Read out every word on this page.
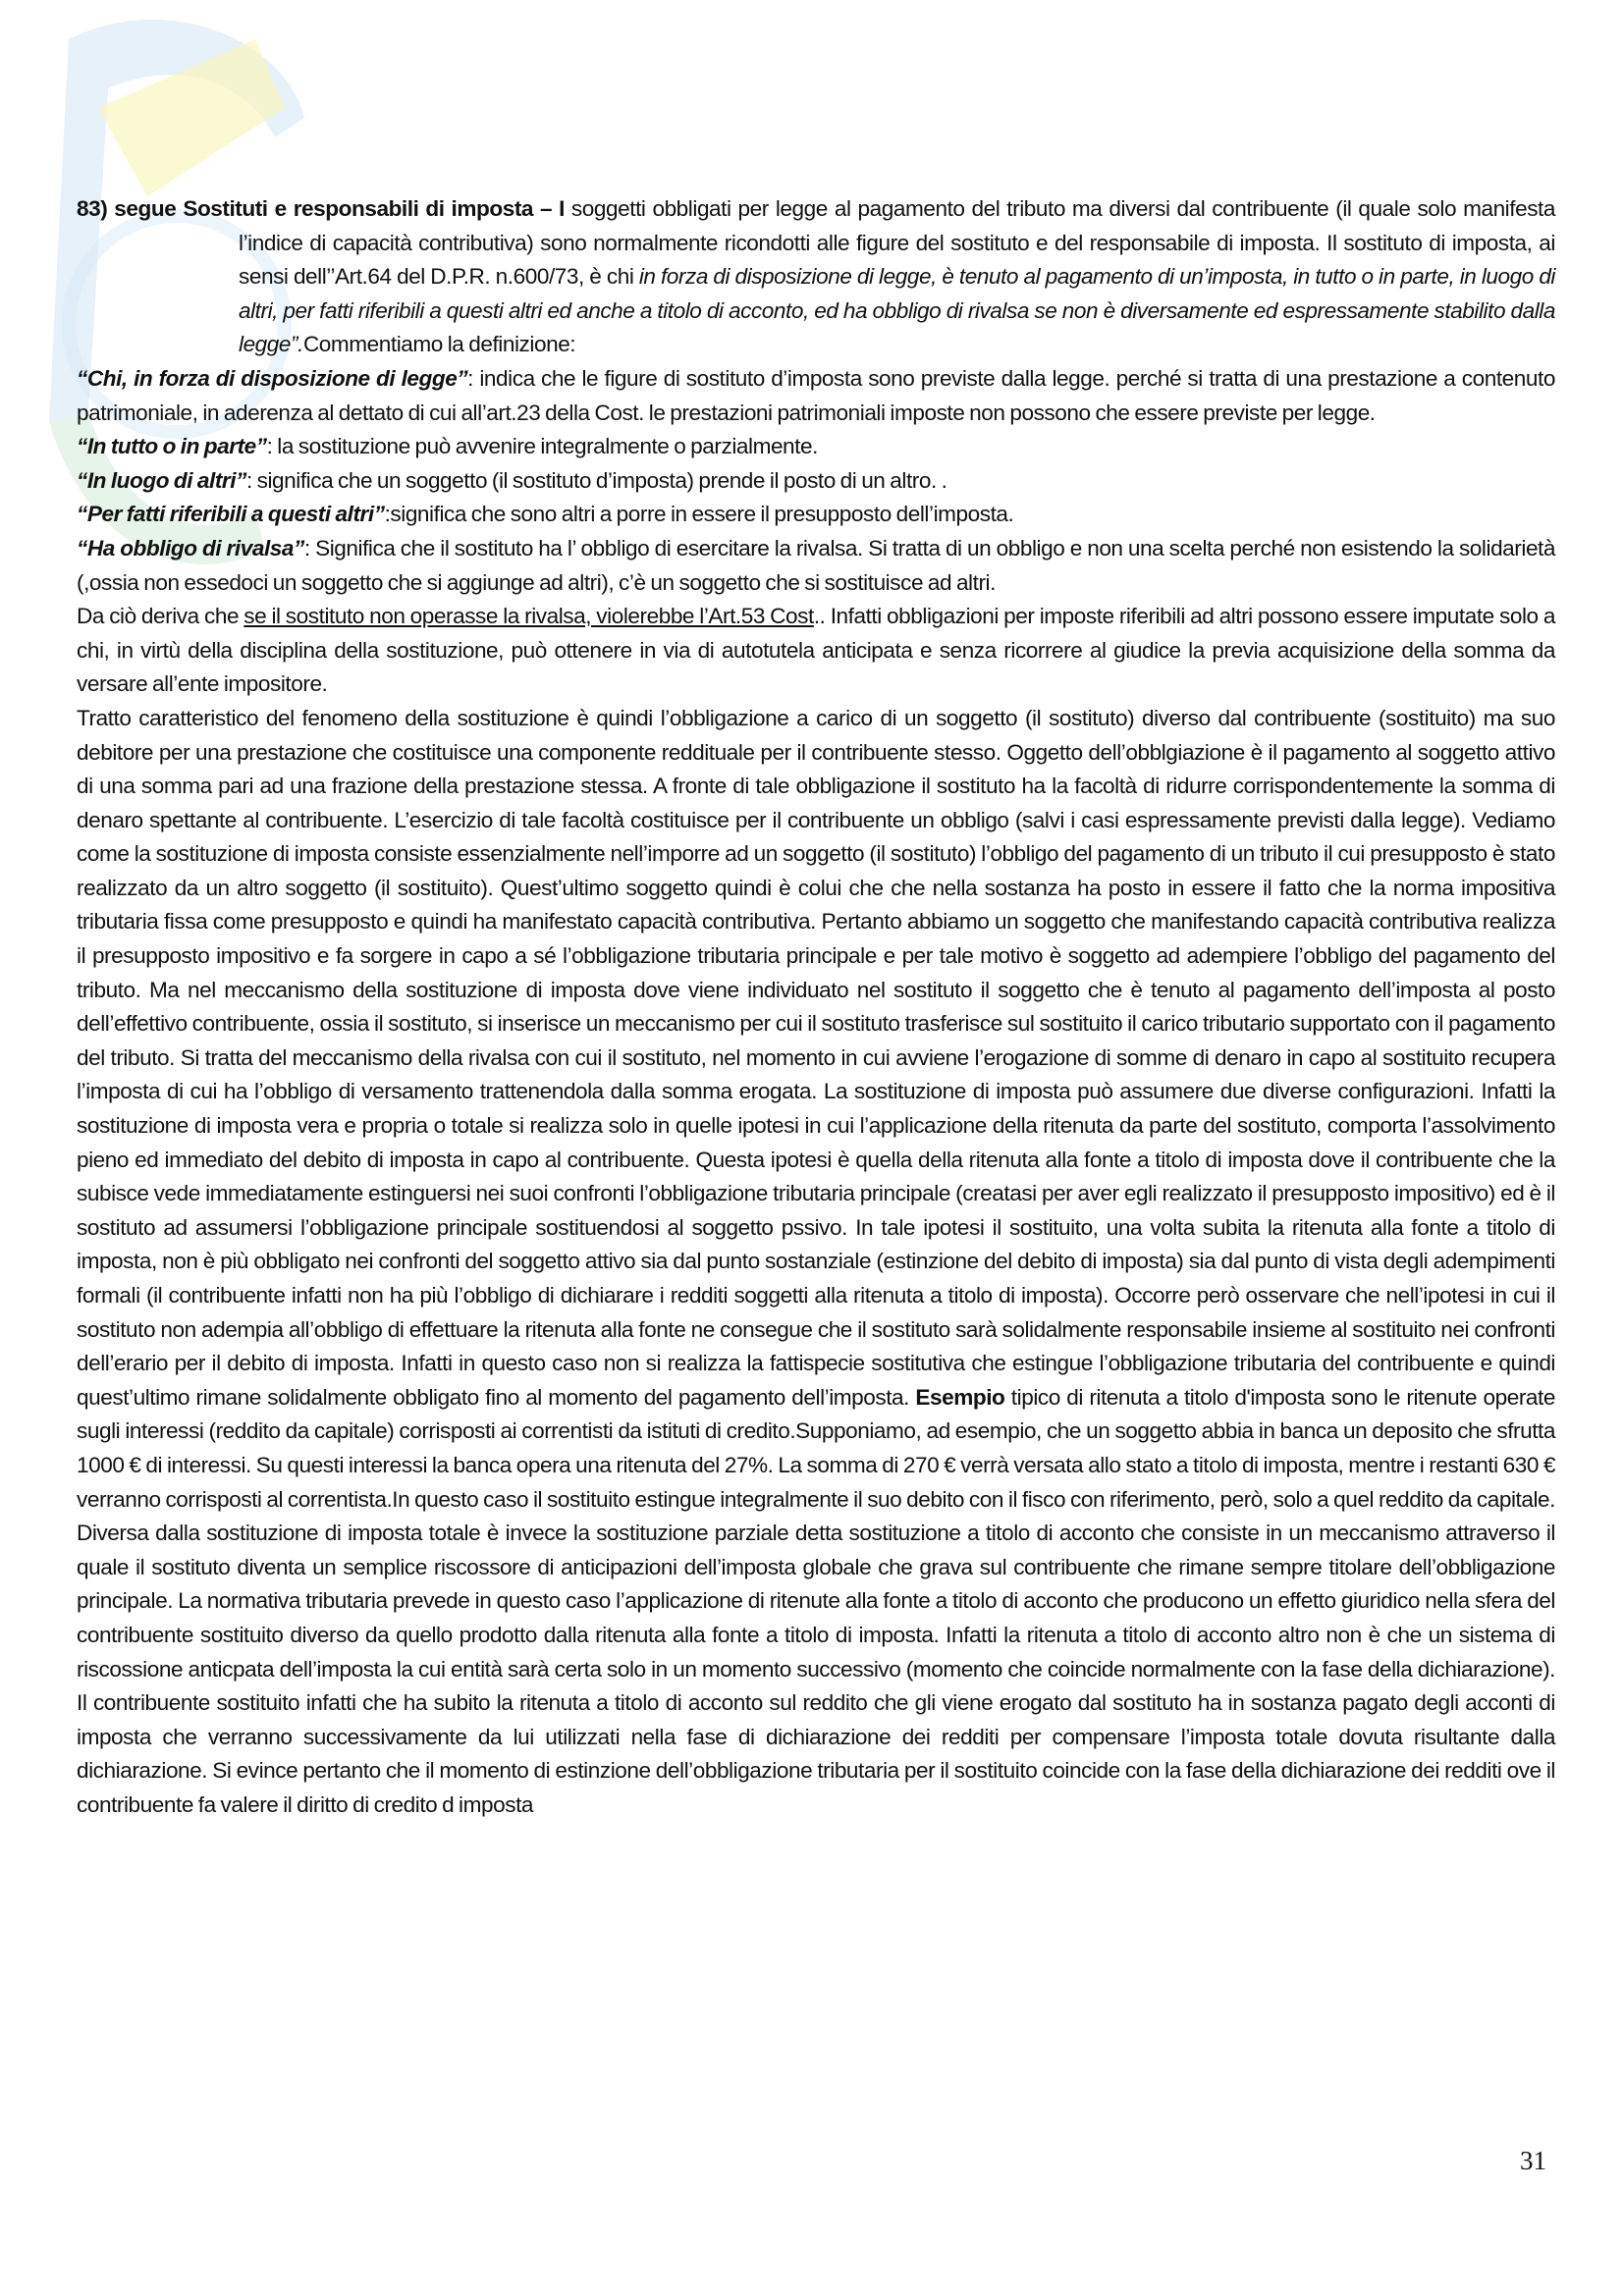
83) segue Sostituti e responsabili di imposta – I soggetti obbligati per legge al pagamento del tributo ma diversi dal contribuente (il quale solo manifesta l’indice di capacità contributiva) sono normalmente ricondotti alle figure del sostituto e del responsabile di imposta. Il sostituto di imposta, ai sensi dell’’Art.64 del D.P.R. n.600/73, è chi in forza di disposizione di legge, è tenuto al pagamento di un’imposta, in tutto o in parte, in luogo di altri, per fatti riferibili a questi altri ed anche a titolo di acconto, ed ha obbligo di rivalsa se non è diversamente ed espressamente stabilito dalla legge”.Commentiamo la definizione:

“Chi, in forza di disposizione di legge”: indica che le figure di sostituto d’imposta sono previste dalla legge. perché si tratta di una prestazione a contenuto patrimoniale, in aderenza al dettato di cui all’art.23 della Cost. le prestazioni patrimoniali imposte non possono che essere previste per legge.

“In tutto o in parte”: la sostituzione può avvenire integralmente o parzialmente.

“In luogo di altri”: significa che un soggetto (il sostituto d’imposta) prende il posto di un altro. .

“Per fatti riferibili a questi altri”:significa che sono altri a porre in essere il presupposto dell’imposta.

“Ha obbligo di rivalsa”: Significa che il sostituto ha l’ obbligo di esercitare la rivalsa. Si tratta di un obbligo e non una scelta perché non esistendo la solidarietà (,ossia non essedoci un soggetto che si aggiunge ad altri), c’è un soggetto che si sostituisce ad altri.

Da ciò deriva che se il sostituto non operasse la rivalsa, violerebbe l’Art.53 Cost.. Infatti obbligazioni per imposte riferibili ad altri possono essere imputate solo a chi, in virtù della disciplina della sostituzione, può ottenere in via di autotutela anticipata e senza ricorrere al giudice la previa acquisizione della somma da versare all’ente impositore.

Tratto caratteristico del fenomeno della sostituzione è quindi l’obbligazione a carico di un soggetto (il sostituto) diverso dal contribuente (sostituito) ma suo debitore per una prestazione che costituisce una componente reddituale per il contribuente stesso. Oggetto dell’obblgiazione è il pagamento al soggetto attivo di una somma pari ad una frazione della prestazione stessa. A fronte di tale obbligazione il sostituto ha la facoltà di ridurre corrispondentemente la somma di denaro spettante al contribuente. L’esercizio di tale facoltà costituisce per il contribuente un obbligo (salvi i casi espressamente previsti dalla legge). Vediamo come la sostituzione di imposta consiste essenzialmente nell’imporre ad un soggetto (il sostituto) l’obbligo del pagamento di un tributo il cui presupposto è stato realizzato da un altro soggetto (il sostituito). Quest’ultimo soggetto quindi è colui che che nella sostanza ha posto in essere il fatto che la norma impositiva tributaria fissa come presupposto e quindi ha manifestato capacità contributiva. Pertanto abbiamo un soggetto che manifestando capacità contributiva realizza il presupposto impositivo e fa sorgere in capo a sé l’obbligazione tributaria principale e per tale motivo è soggetto ad adempiere l’obbligo del pagamento del tributo. Ma nel meccanismo della sostituzione di imposta dove viene individuato nel sostituto il soggetto che è tenuto al pagamento dell’imposta al posto dell’effettivo contribuente, ossia il sostituto, si inserisce un meccanismo per cui il sostituto trasferisce sul sostituito il carico tributario supportato con il pagamento del tributo. Si tratta del meccanismo della rivalsa con cui il sostituto, nel momento in cui avviene l’erogazione di somme di denaro in capo al sostituito recupera l’imposta di cui ha l’obbligo di versamento trattenendola dalla somma erogata. La sostituzione di imposta può assumere due diverse configurazioni. Infatti la sostituzione di imposta vera e propria o totale si realizza solo in quelle ipotesi in cui l’applicazione della ritenuta da parte del sostituto, comporta l’assolvimento pieno ed immediato del debito di imposta in capo al contribuente. Questa ipotesi è quella della ritenuta alla fonte a titolo di imposta dove il contribuente che la subisce vede immediatamente estinguersi nei suoi confronti l’obbligazione tributaria principale (creatasi per aver egli realizzato il presupposto impositivo) ed è il sostituto ad assumersi l’obbligazione principale sostituendosi al soggetto pssivo. In tale ipotesi il sostituito, una volta subita la ritenuta alla fonte a titolo di imposta, non è più obbligato nei confronti del soggetto attivo sia dal punto sostanziale (estinzione del debito di imposta) sia dal punto di vista degli adempimenti formali (il contribuente infatti non ha più l’obbligo di dichiarare i redditi soggetti alla ritenuta a titolo di imposta). Occorre però osservare che nell’ipotesi in cui il sostituto non adempia all’obbligo di effettuare la ritenuta alla fonte ne consegue che il sostituto sarà solidalmente responsabile insieme al sostituito nei confronti dell’erario per il debito di imposta. Infatti in questo caso non si realizza la fattispecie sostitutiva che estingue l’obbligazione tributaria del contribuente e quindi quest’ultimo rimane solidalmente obbligato fino al momento del pagamento dell’imposta. Esempio tipico di ritenuta a titolo d'imposta sono le ritenute operate sugli interessi (reddito da capitale) corrisposti ai correntisti da istituti di credito.Supponiamo, ad esempio, che un soggetto abbia in banca un deposito che sfrutta 1000 € di interessi. Su questi interessi la banca opera una ritenuta del 27%. La somma di 270 € verrà versata allo stato a titolo di imposta, mentre i restanti 630 € verranno corrisposti al correntista.In questo caso il sostituito estingue integralmente il suo debito con il fisco con riferimento, però, solo a quel reddito da capitale. Diversa dalla sostituzione di imposta totale è invece la sostituzione parziale detta sostituzione a titolo di acconto che consiste in un meccanismo attraverso il quale il sostituto diventa un semplice riscossore di anticipazioni dell’imposta globale che grava sul contribuente che rimane sempre titolare dell’obbligazione principale. La normativa tributaria prevede in questo caso l’applicazione di ritenute alla fonte a titolo di acconto che producono un effetto giuridico nella sfera del contribuente sostituito diverso da quello prodotto dalla ritenuta alla fonte a titolo di imposta. Infatti la ritenuta a titolo di acconto altro non è che un sistema di riscossione anticpata dell’imposta la cui entità sarà certa solo in un momento successivo (momento che coincide normalmente con la fase della dichiarazione). Il contribuente sostituito infatti che ha subito la ritenuta a titolo di acconto sul reddito che gli viene erogato dal sostituto ha in sostanza pagato degli acconti di imposta che verranno successivamente da lui utilizzati nella fase di dichiarazione dei redditi per compensare l’imposta totale dovuta risultante dalla dichiarazione. Si evince pertanto che il momento di estinzione dell’obbligazione tributaria per il sostituito coincide con la fase della dichiarazione dei redditi ove il contribuente fa valere il diritto di credito d imposta

31
